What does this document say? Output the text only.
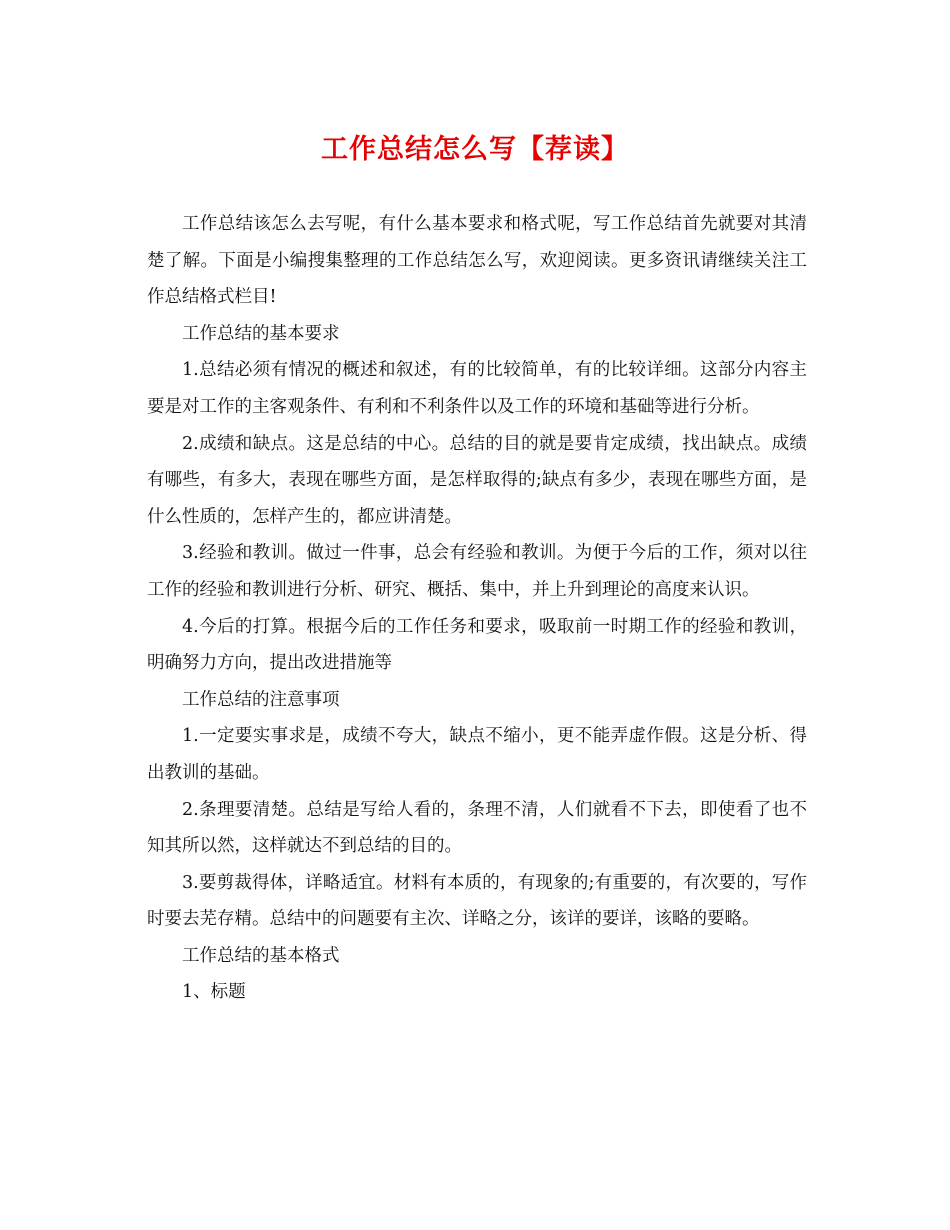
工作总结怎么写【荐读】

工作总结该怎么去写呢，有什么基本要求和格式呢，写工作总结首先就要对其清楚了解。下面是小编搜集整理的工作总结怎么写，欢迎阅读。更多资讯请继续关注工作总结格式栏目!

工作总结的基本要求

1.总结必须有情况的概述和叙述，有的比较简单，有的比较详细。这部分内容主要是对工作的主客观条件、有利和不利条件以及工作的环境和基础等进行分析。

2.成绩和缺点。这是总结的中心。总结的目的就是要肯定成绩，找出缺点。成绩有哪些，有多大，表现在哪些方面，是怎样取得的;缺点有多少，表现在哪些方面，是什么性质的，怎样产生的，都应讲清楚。

3.经验和教训。做过一件事，总会有经验和教训。为便于今后的工作，须对以往工作的经验和教训进行分析、研究、概括、集中，并上升到理论的高度来认识。

4.今后的打算。根据今后的工作任务和要求，吸取前一时期工作的经验和教训，明确努力方向，提出改进措施等

工作总结的注意事项

1.一定要实事求是，成绩不夸大，缺点不缩小，更不能弄虚作假。这是分析、得出教训的基础。

2.条理要清楚。总结是写给人看的，条理不清，人们就看不下去，即使看了也不知其所以然，这样就达不到总结的目的。

3.要剪裁得体，详略适宜。材料有本质的，有现象的;有重要的，有次要的，写作时要去芜存精。总结中的问题要有主次、详略之分，该详的要详，该略的要略。

工作总结的基本格式

1、标题
